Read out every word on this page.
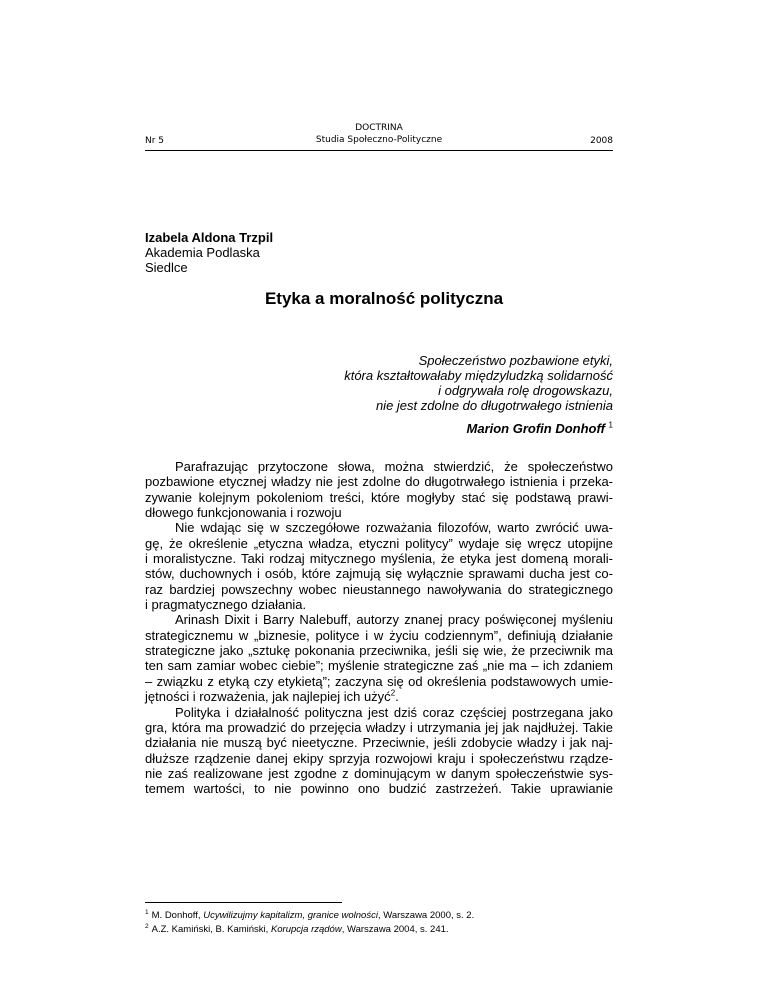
Nr 5
DOCTRINA
Studia Społeczno-Polityczne	2008
Izabela Aldona Trzpil
Akademia Podlaska
Siedlce
Etyka a moralność polityczna
Społeczeństwo pozbawione etyki,
która kształtowałaby międzyludzką solidarność
i odgrywała rolę drogowskazu,
nie jest zdolne do długotrwałego istnienia
Marion Grofin Donhoff $^1$

Parafrazując przytoczone słowa, można stwierdzić, że społeczeństwo
pozbawione etycznej władzy nie jest zdolne do długotrwałego istnienia i przeka-
zywanie kolejnym pokoleniom treści, które mogłyby stać się podstawą prawi-
dłowego funkcjonowania i rozwoju

Nie wdając się w szczegółowe rozważania filozofów, warto zwrócić uwa-
gę, że określenie „etyczna władza, etyczni politycy” wydaje się wręcz utopijne
i moralistyczne. Taki rodzaj mitycznego myślenia, że etyka jest domeną morali-
stów, duchownych i osób, które zajmują się wyłącznie sprawami ducha jest co-
raz bardziej powszechny wobec nieustannego nawoływania do strategicznego
i pragmatycznego działania.

Arinash Dixit i Barry Nalebuff, autorzy znanej pracy poświęconej myśleniu
strategicznemu w „biznesie, polityce i w życiu codziennym”, definiują działanie
strategiczne jako „sztukę pokonania przeciwnika, jeśli się wie, że przeciwnik ma
ten sam zamiar wobec ciebie”; myślenie strategiczne zaś „nie ma – ich zdaniem
– związku z etyką czy etykietą”; zaczyna się od określenia podstawowych umie-
jętności i rozważenia, jak najlepiej ich użyć$^2$.

Polityka i działalność polityczna jest dziś coraz częściej postrzegana jako
gra, która ma prowadzić do przejęcia władzy i utrzymania jej jak najdłużej. Takie
działania nie muszą być nieetyczne. Przeciwnie, jeśli zdobycie władzy i jak naj-
dłuższe rządzenie danej ekipy sprzyja rozwojowi kraju i społeczeństwu rządze-
nie zaś realizowane jest zgodne z dominującym w danym społeczeństwie sys-
temem wartości, to nie powinno ono budzić zastrzeżeń. Takie uprawianie

$^1$ M. Donhoff, Ucywilizujmy kapitalizm, granice wolności, Warszawa 2000, s. 2.
$^2$ A.Z. Kamiński, B. Kamiński, Korupcja rządów, Warszawa 2004, s. 241.
